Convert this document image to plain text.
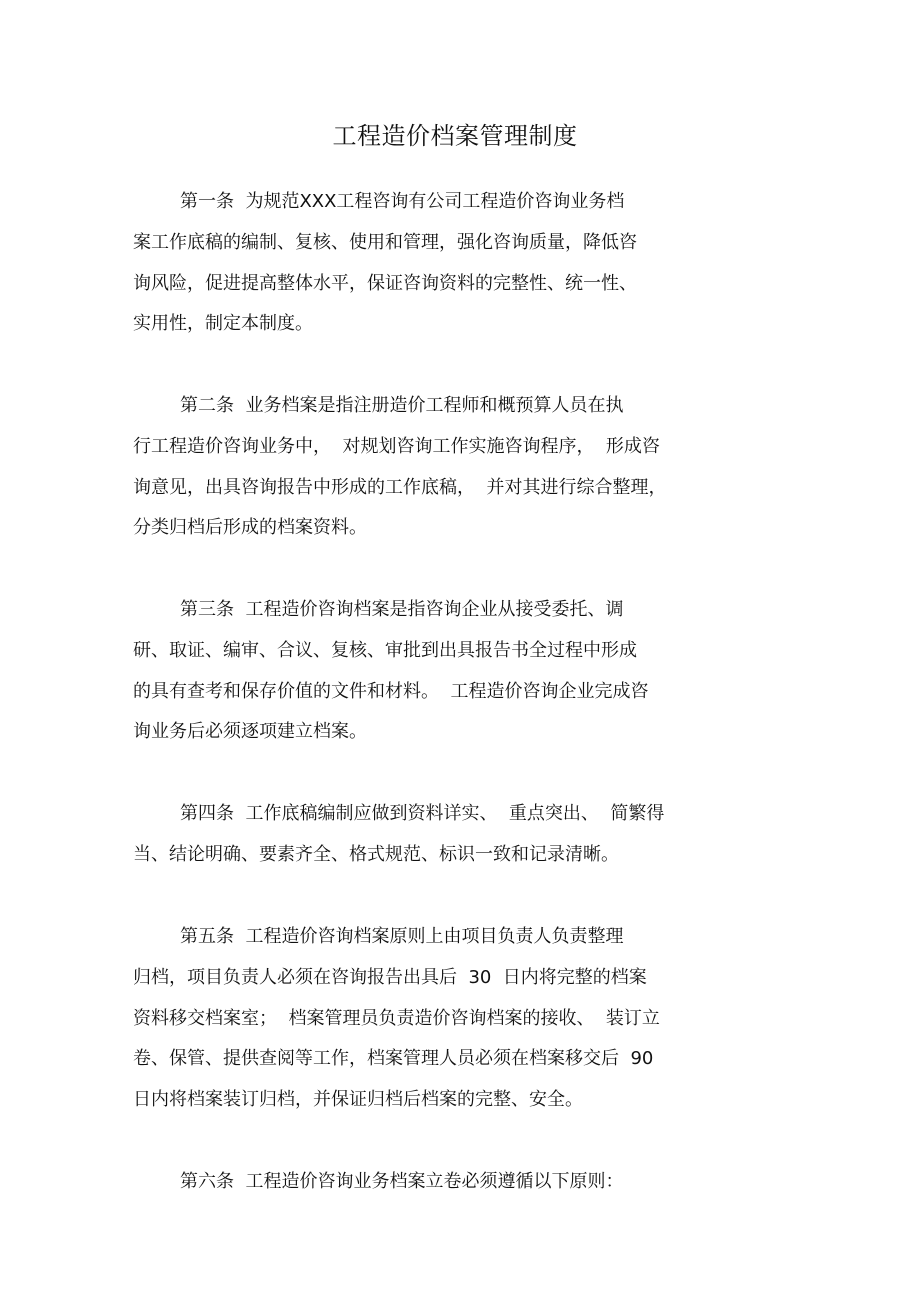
工程造价档案管理制度
第一条  为规范XXX工程咨询有公司工程造价咨询业务档
案工作底稿的编制、复核、使用和管理，强化咨询质量，降低咨
询风险，促进提高整体水平，保证咨询资料的完整性、统一性、
实用性，制定本制度。
第二条  业务档案是指注册造价工程师和概预算人员在执
行工程造价咨询业务中，  对规划咨询工作实施咨询程序，  形成咨
询意见，出具咨询报告中形成的工作底稿，  并对其进行综合整理，
分类归档后形成的档案资料。
第三条  工程造价咨询档案是指咨询企业从接受委托、调
研、取证、编审、合议、复核、审批到出具报告书全过程中形成
的具有查考和保存价值的文件和材料。  工程造价咨询企业完成咨
询业务后必须逐项建立档案。
第四条  工作底稿编制应做到资料详实、  重点突出、  简繁得
当、结论明确、要素齐全、格式规范、标识一致和记录清晰。
第五条  工程造价咨询档案原则上由项目负责人负责整理
归档，项目负责人必须在咨询报告出具后  30  日内将完整的档案
资料移交档案室；  档案管理员负责造价咨询档案的接收、  装订立
卷、保管、提供查阅等工作，档案管理人员必须在档案移交后  90
日内将档案装订归档，并保证归档后档案的完整、安全。
第六条  工程造价咨询业务档案立卷必须遵循以下原则：
